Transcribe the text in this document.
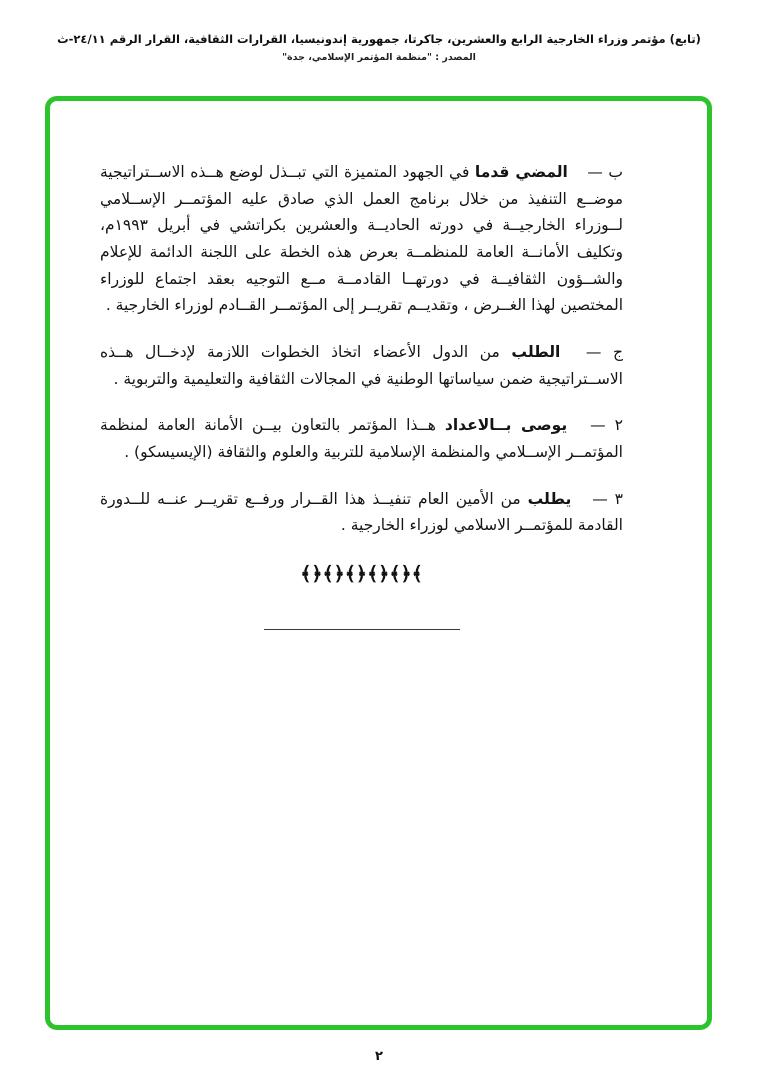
(تابع) مؤتمر وزراء الخارجية الرابع والعشرين، جاكرتا، جمهورية إندونيسيا، القرارات الثقافية، القرار الرقم ٢٤/١١-ث
المصدر : "منظمة المؤتمر الإسلامي، جدة"

ب — المضي قدما في الجهود المتميزة التي تبــذل لوضع هــذه الاســتراتيجية موضــع التنفيذ من خلال برنامج العمل الذي صادق عليه المؤتمــر الإســلامي لــوزراء الخارجيــة في دورته الحاديــة والعشرين بكراتشي في أبريل ١٩٩٣م، وتكليف الأمانــة العامة للمنظمــة بعرض هذه الخطة على اللجنة الدائمة للإعلام والشــؤون الثقافيــة في دورتهــا القادمــة مــع التوجيه بعقد اجتماع للوزراء المختصين لهذا الغــرض ، وتقديــم تقريــر إلى المؤتمــر القــادم لوزراء الخارجية .

ج — الطلب من الدول الأعضاء اتخاذ الخطوات اللازمة لإدخــال هــذه الاســتراتيجية ضمن سياساتها الوطنية في المجالات الثقافية والتعليمية والتربوية .

٢ — يوصى بــالاعداد هــذا المؤتمر بالتعاون بيــن الأمانة العامة لمنظمة المؤتمــر الإســلامي والمنظمة الإسلامية للتربية والعلوم والثقافة (الإيسيسكو) .

٣ — يطلب من الأمين العام تنفيــذ هذا القــرار ورفــع تقريــر عنــه للــدورة القادمة للمؤتمــر الاسلامي لوزراء الخارجية .

﴾﴿﴾﴿﴾﴿﴾﴿﴾﴿﴾
٢
